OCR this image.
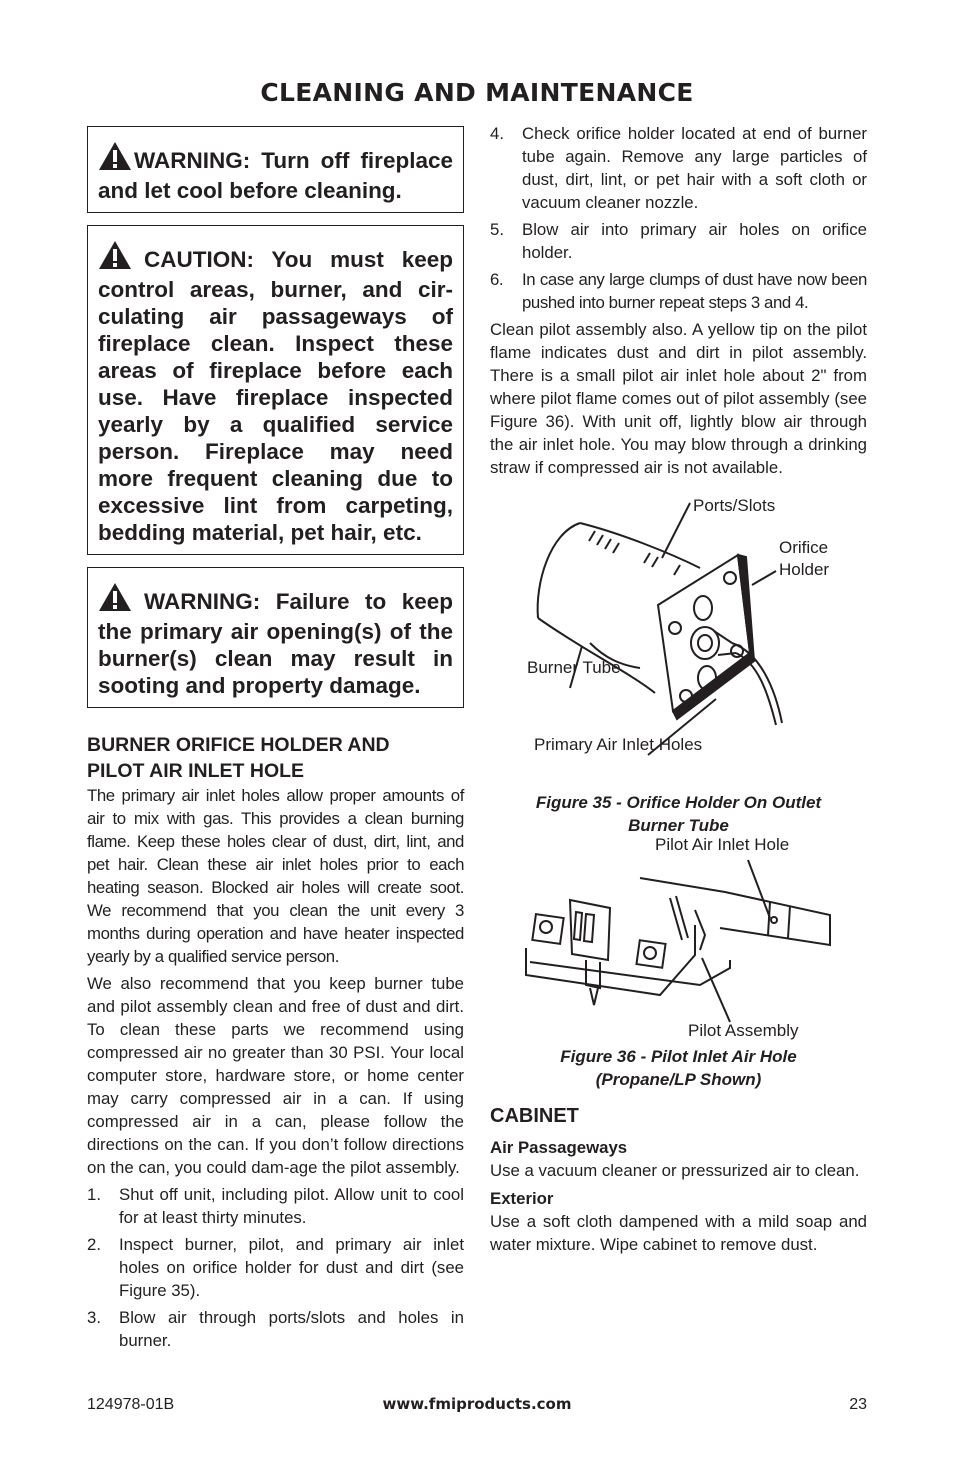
CLEANING AND MAINTENANCE
WARNING: Turn off fireplace and let cool before cleaning.
CAUTION: You must keep control areas, burner, and cir-culating air passageways of fireplace clean. Inspect these areas of fireplace before each use. Have fireplace inspected yearly by a qualified service person. Fireplace may need more frequent cleaning due to excessive lint from carpeting, bedding material, pet hair, etc.
WARNING: Failure to keep the primary air opening(s) of the burner(s) clean may result in sooting and property damage.
BURNER ORIFICE HOLDER AND
PILOT AIR INLET HOLE

The primary air inlet holes allow proper amounts of air to mix with gas. This provides a clean burning flame. Keep these holes clear of dust, dirt, lint, and pet hair. Clean these air inlet holes prior to each heating season. Blocked air holes will create soot. We recommend that you clean the unit every 3 months during operation and have heater inspected yearly by a qualified service person.

We also recommend that you keep burner tube and pilot assembly clean and free of dust and dirt. To clean these parts we recommend using compressed air no greater than 30 PSI. Your local computer store, hardware store, or home center may carry compressed air in a can. If using compressed air in a can, please follow the directions on the can. If you don’t follow directions on the can, you could dam-age the pilot assembly.

1. Shut off unit, including pilot. Allow unit to cool for at least thirty minutes.
2. Inspect burner, pilot, and primary air inlet holes on orifice holder for dust and dirt (see Figure 35).
3. Blow air through ports/slots and holes in burner.
4. Check orifice holder located at end of burner tube again. Remove any large particles of dust, dirt, lint, or pet hair with a soft cloth or vacuum cleaner nozzle.
5. Blow air into primary air holes on orifice holder.
6. In case any large clumps of dust have now been pushed into burner repeat steps 3 and 4.

Clean pilot assembly also. A yellow tip on the pilot flame indicates dust and dirt in pilot assembly. There is a small pilot air inlet hole about 2" from where pilot flame comes out of pilot assembly (see Figure 36). With unit off, lightly blow air through the air inlet hole. You may blow through a drinking straw if compressed air is not available.

Ports/Slots
Orifice
Holder
Burner Tube
Primary Air Inlet Holes

Figure 35 - Orifice Holder On Outlet

Burner Tube

Pilot Air Inlet Hole
Pilot Assembly

Figure 36 - Pilot Inlet Air Hole

(Propane/LP Shown)

CABINET
Air Passageways

Use a vacuum cleaner or pressurized air to clean.

Exterior

Use a soft cloth dampened with a mild soap and water mixture. Wipe cabinet to remove dust.

124978-01B	www.fmiproducts.com	23
